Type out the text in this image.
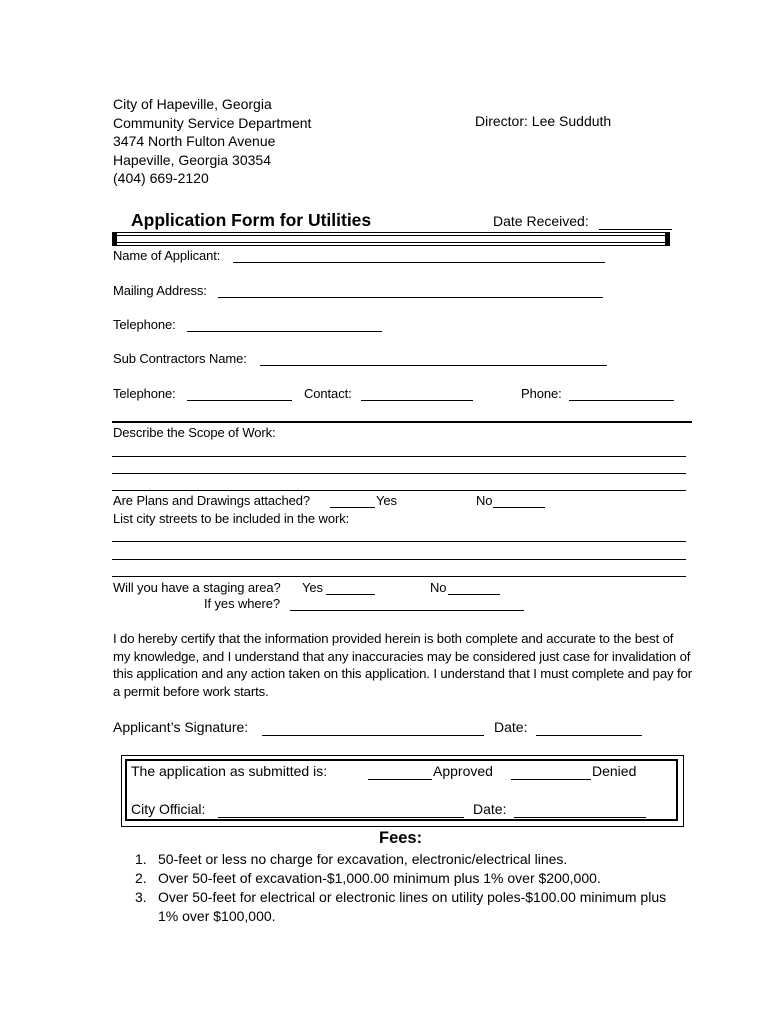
City of Hapeville, Georgia
Community Service Department
3474 North Fulton Avenue
Hapeville, Georgia 30354
(404) 669-2120
Director: Lee Sudduth
Application Form for Utilities	Date Received:
Name of Applicant:
Mailing Address:
Telephone:
Sub Contractors Name:
Telephone:	Contact:	Phone:
Describe the Scope of Work:
Are Plans and Drawings attached?	Yes	No
List city streets to be included in the work:
Will you have a staging area? Yes	No
If yes where?

I do hereby certify that the information provided herein is both complete and accurate to the best of my knowledge, and I understand that any inaccuracies may be considered just case for invalidation of this application and any action taken on this application. I understand that I must complete and pay for a permit before work starts.

Applicant’s Signature:	Date:
The application as submitted is:	Approved	Denied
City Official:	Date:
Fees:
1. 50-feet or less no charge for excavation, electronic/electrical lines.
2. Over 50-feet of excavation-$1,000.00 minimum plus 1% over $200,000.
3. Over 50-feet for electrical or electronic lines on utility poles-$100.00 minimum plus 1% over $100,000.
